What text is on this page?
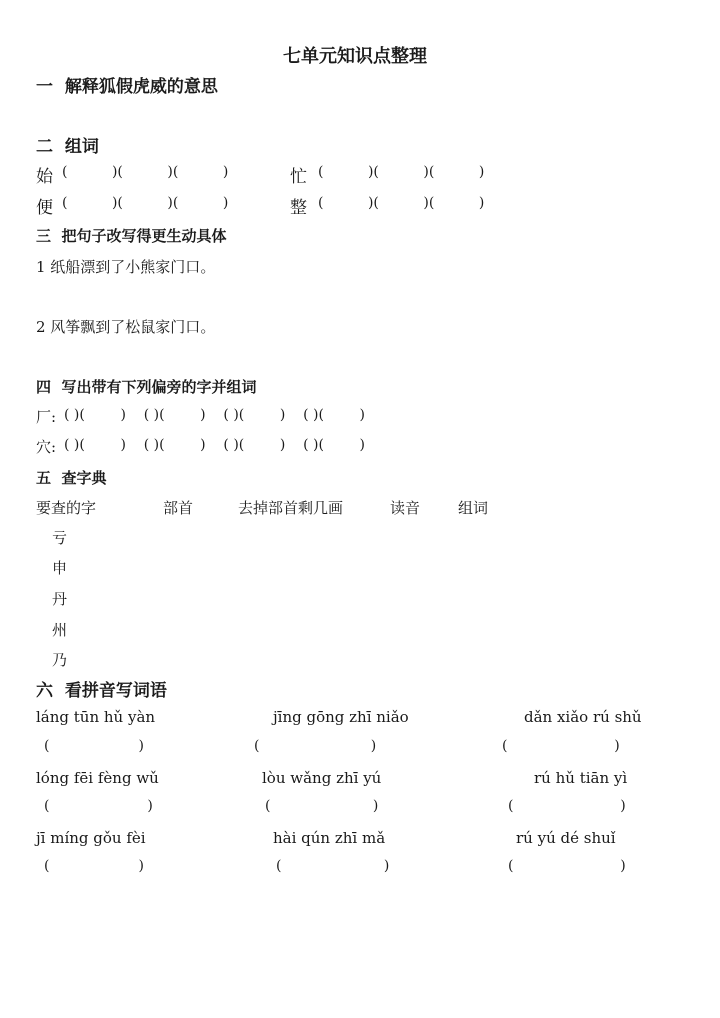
七单元知识点整理
一  解释狐假虎威的意思
二  组词
始 (          )(          )(          )	忙 (          )(          )(          )
便 (          )(          )(          )	整 (          )(          )(          )
三  把句子改写得更生动具体
1 纸船漂到了小熊家门口。
2 风筝飘到了松鼠家门口。
四  写出带有下列偏旁的字并组词
厂: ( )(        )    ( )(        )    ( )(        )    ( )(        )
穴: ( )(        )    ( )(        )    ( )(        )    ( )(        )
五  查字典
要查的字	部首	去掉部首剩几画	读音	组词
亏
申
丹
州
乃
六  看拼音写词语
láng tūn hǔ yàn	jīng gōng zhī niǎo	dǎn xiǎo rú shǔ
(                    )	(                         )	(                        )
lóng fēi fèng wǔ	lòu wǎng zhī yú	rú hǔ tiān yì
(                      )	(                       )	(                        )
jī míng gǒu fèi	hài qún zhī mǎ	rú yú dé shuǐ
(                    )	(                       )	(                        )
